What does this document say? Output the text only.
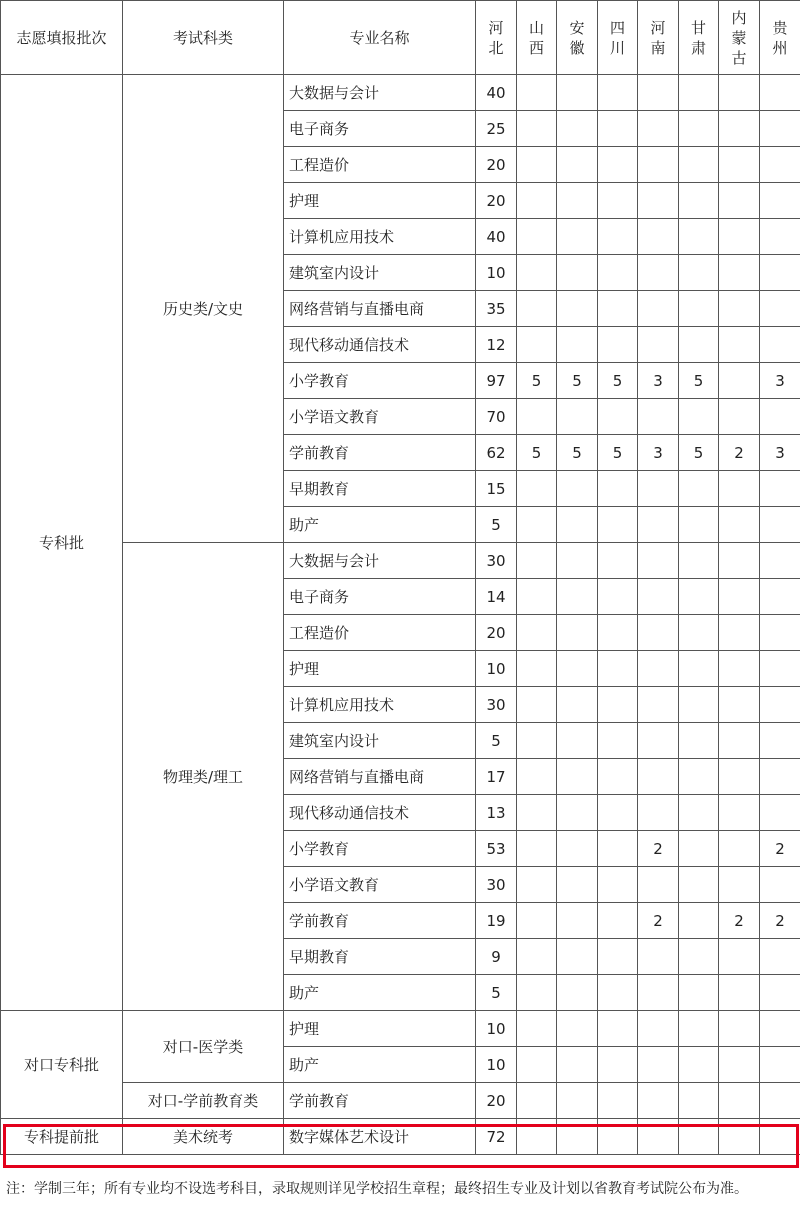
志愿填报批次	考试科类	专业名称	河北	山西	安徽	四川	河南	甘肃	内蒙古	贵州
专科批	历史类/文史	大数据与会计	40							
		电子商务	25							
		工程造价	20							
		护理	20							
		计算机应用技术	40							
		建筑室内设计	10							
		网络营销与直播电商	35							
		现代移动通信技术	12							
		小学教育	97	5	5	5	3	5		3
		小学语文教育	70							
		学前教育	62	5	5	5	3	5	2	3
		早期教育	15							
		助产	5							
	物理类/理工	大数据与会计	30							
		电子商务	14							
		工程造价	20							
		护理	10							
		计算机应用技术	30							
		建筑室内设计	5							
		网络营销与直播电商	17							
		现代移动通信技术	13							
		小学教育	53				2			2
		小学语文教育	30							
		学前教育	19				2		2	2
		早期教育	9							
		助产	5							
对口专科批	对口-医学类	护理	10							
		助产	10							
	对口-学前教育类	学前教育	20							
专科提前批	美术统考	数字媒体艺术设计	72							
注：学制三年；所有专业均不设选考科目，录取规则详见学校招生章程；最终招生专业及计划以省教育考试院公布为准。
